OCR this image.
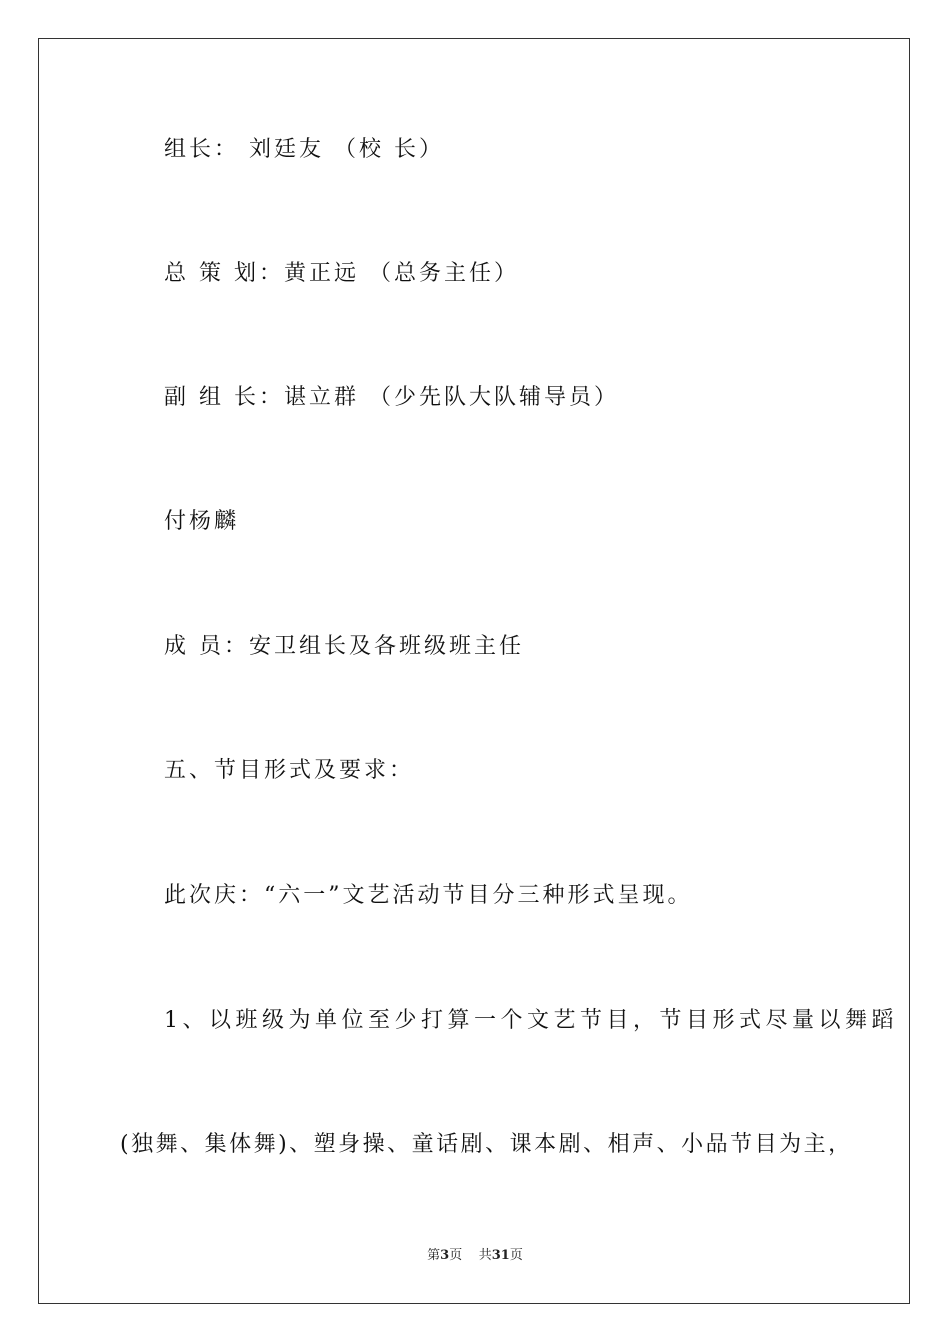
组长： 刘廷友 （校 长）
总 策 划：黄正远 （总务主任）
副 组 长：谌立群 （少先队大队辅导员）
付杨麟
成 员：安卫组长及各班级班主任
五、节目形式及要求：
此次庆：“六一”文艺活动节目分三种形式呈现。
1、以班级为单位至少打算一个文艺节目，节目形式尽量以舞蹈
(独舞、集体舞)、塑身操、童话剧、课本剧、相声、小品节目为主，
第3页 共31页
